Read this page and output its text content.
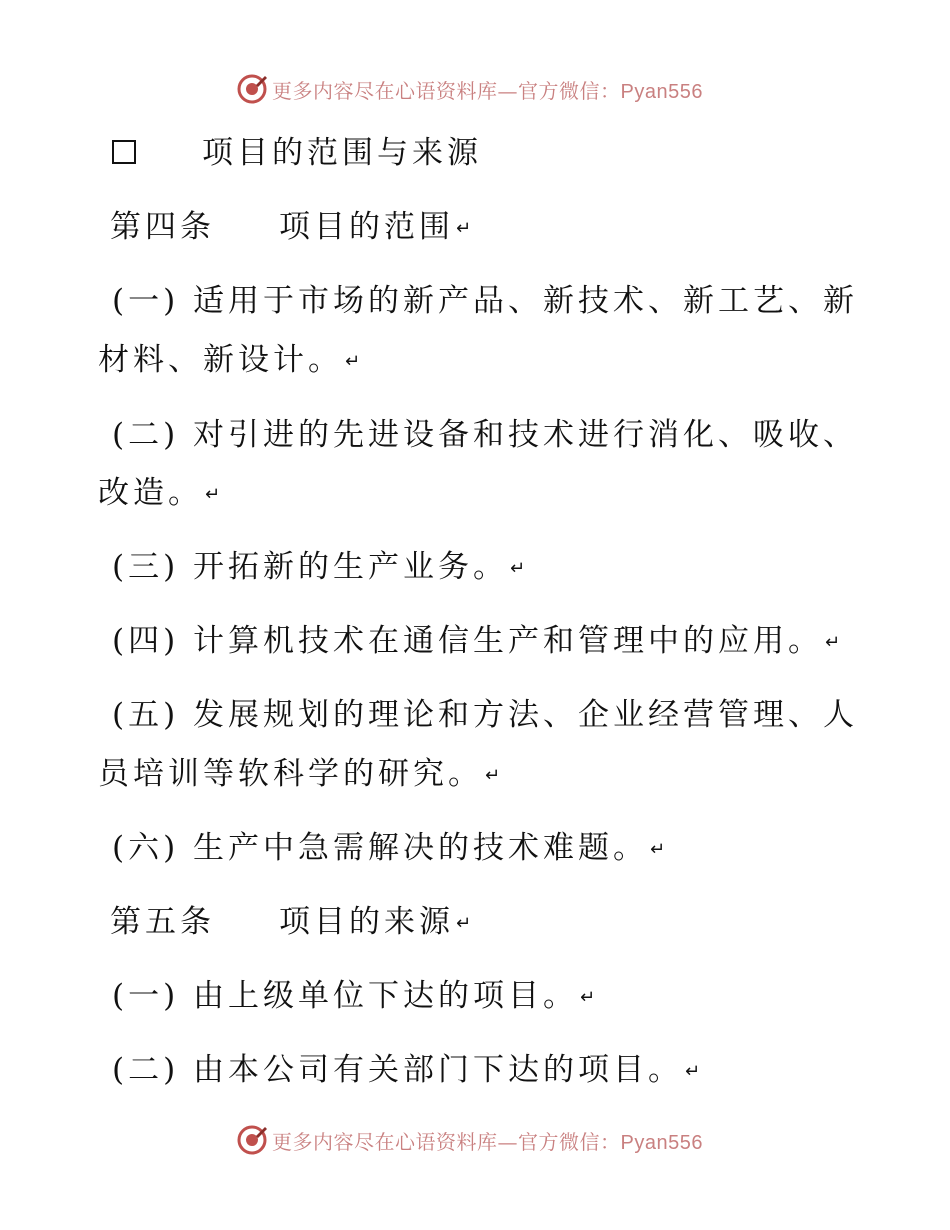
更多内容尽在心语资料库—官方微信：Pyan556
项目的范围与来源
第四条 项目的范围 ↵
(一) 适用于市场的新产品、新技术、新工艺、新
材料、新设计。 ↵
(二) 对引进的先进设备和技术进行消化、吸收、
改造。 ↵
(三) 开拓新的生产业务。 ↵
(四) 计算机技术在通信生产和管理中的应用。 ↵
(五) 发展规划的理论和方法、企业经营管理、人
员培训等软科学的研究。 ↵
(六) 生产中急需解决的技术难题。 ↵
第五条 项目的来源 ↵
(一) 由上级单位下达的项目。 ↵
(二) 由本公司有关部门下达的项目。 ↵
更多内容尽在心语资料库—官方微信：Pyan556
